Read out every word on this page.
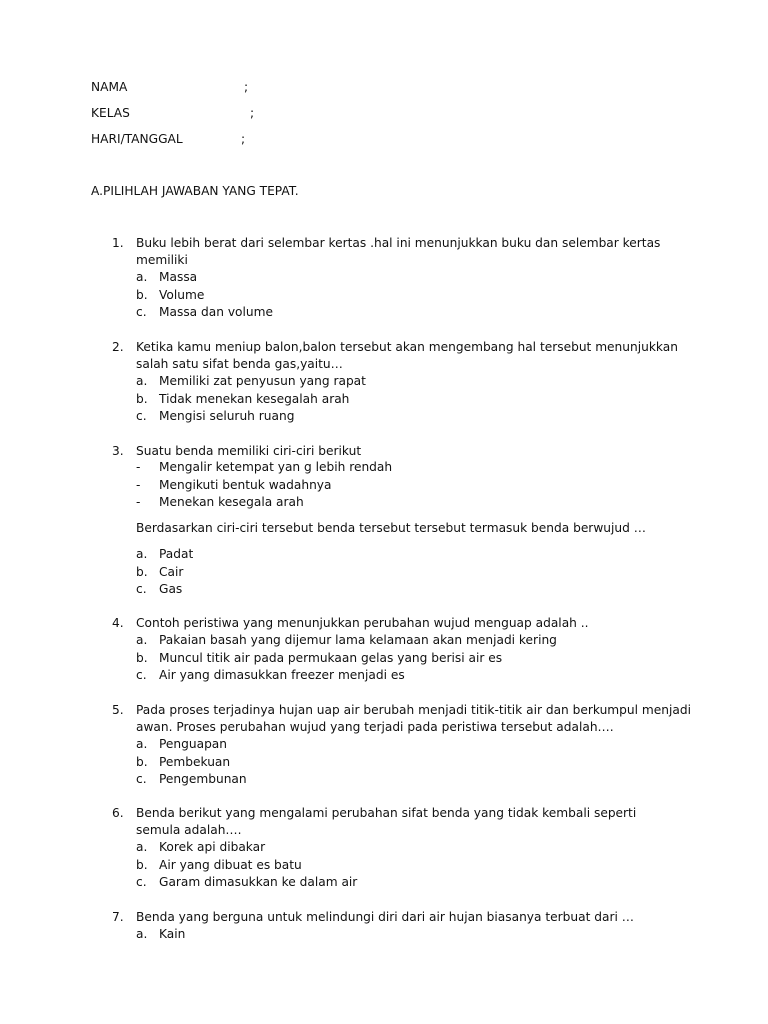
NAMA	;
KELAS	;
HARI/TANGGAL	;
A.PILIHLAH JAWABAN YANG TEPAT.
1. Buku lebih berat dari selembar kertas .hal ini menunjukkan buku dan selembar kertas memiliki
a. Massa
b. Volume
c. Massa dan volume
2. Ketika kamu meniup balon,balon tersebut akan mengembang hal tersebut menunjukkan salah satu sifat benda gas,yaitu…
a. Memiliki zat penyusun yang rapat
b. Tidak menekan kesegalah arah
c. Mengisi seluruh ruang
3. Suatu benda memiliki ciri-ciri berikut
- Mengalir ketempat yan g lebih rendah
- Mengikuti bentuk wadahnya
- Menekan kesegala arah
Berdasarkan ciri-ciri tersebut benda tersebut tersebut termasuk benda berwujud …
a. Padat
b. Cair
c. Gas
4. Contoh peristiwa yang menunjukkan perubahan wujud menguap adalah ..
a. Pakaian basah yang dijemur lama kelamaan akan menjadi kering
b. Muncul titik air pada permukaan gelas yang berisi air es
c. Air yang dimasukkan freezer menjadi es
5. Pada proses terjadinya hujan uap air berubah menjadi titik-titik air dan berkumpul menjadi awan. Proses perubahan wujud yang terjadi pada peristiwa tersebut adalah….
a. Penguapan
b. Pembekuan
c. Pengembunan
6. Benda berikut yang mengalami perubahan sifat benda yang tidak kembali seperti semula adalah….
a. Korek api dibakar
b. Air yang dibuat es batu
c. Garam dimasukkan ke dalam air
7. Benda yang berguna untuk melindungi diri dari air hujan biasanya terbuat dari …
a. Kain
